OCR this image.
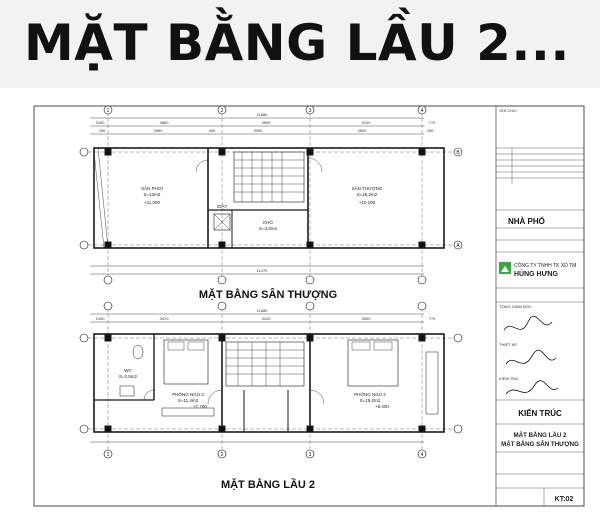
MẶT BẰNG LẦU 2...
1	2	3	4
B
A
11880
1000	3880	3900	3100	770
430	3450	400	3000	3500	430
11470
SÂN PHƠI
S=13m2
+11.000
GIẶT
KHO
S=3,6m2
SÂN THƯỢNG
S=15,2m2
+10.100
MẶT BẰNG SÂN THƯỢNG
1	2	3	4
11880
1000	3470	3100	3900	770
WC
S=2,5m2
PHÒNG NGỦ 3
S=11,4m2
+7.700
PHÒNG NGỦ 2
S=15,2m2
+8.400
MẶT BẰNG LẦU 2
GHI CHÚ:
NHÀ PHỐ
CÔNG TY TNHH TK XD TM
HÙNG HƯNG
TỔNG GIÁM ĐỐC
THIẾT KẾ
KIỂM TRA
KIẾN TRÚC
MẶT BẰNG LẦU 2
MẶT BẰNG SÂN THƯỢNG
KT:02
